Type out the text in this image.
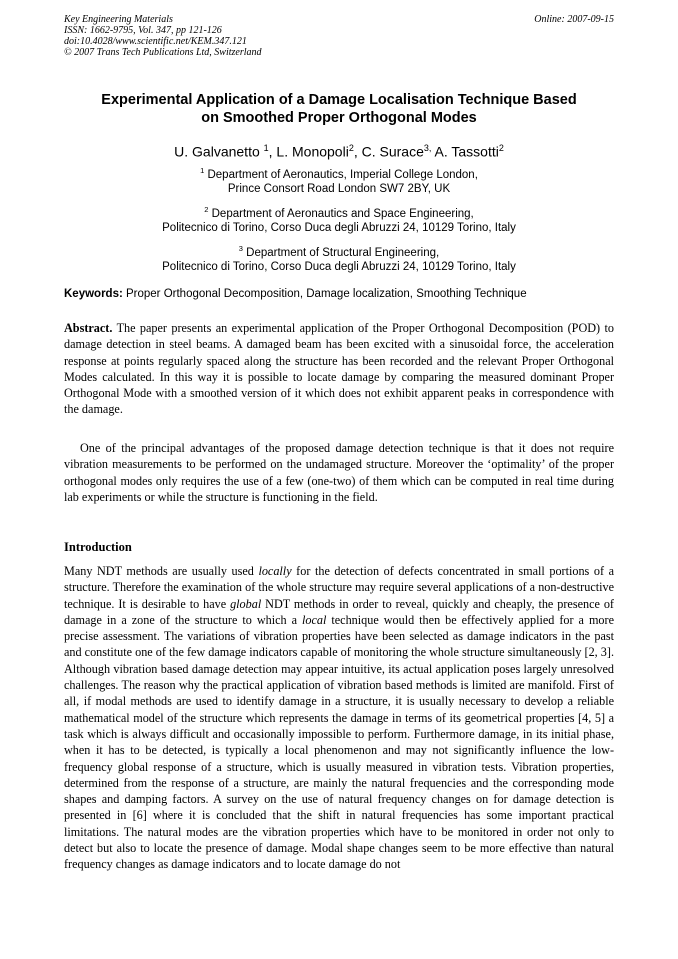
Key Engineering Materials
ISSN: 1662-9795, Vol. 347, pp 121-126
doi:10.4028/www.scientific.net/KEM.347.121
© 2007 Trans Tech Publications Ltd, Switzerland
Online: 2007-09-15
Experimental Application of a Damage Localisation Technique Based
on Smoothed Proper Orthogonal Modes
U. Galvanetto $^1$, L. Monopoli$^2$, C. Surace$^{3,}$ A. Tassotti$^2$
$^1$ Department of Aeronautics, Imperial College London,
Prince Consort Road London SW7 2BY, UK
$^2$ Department of Aeronautics and Space Engineering,
Politecnico di Torino, Corso Duca degli Abruzzi 24, 10129 Torino, Italy
$^3$ Department of Structural Engineering,
Politecnico di Torino, Corso Duca degli Abruzzi 24, 10129 Torino, Italy
Keywords: Proper Orthogonal Decomposition, Damage localization, Smoothing Technique
Abstract. The paper presents an experimental application of the Proper Orthogonal Decomposition (POD) to damage detection in steel beams. A damaged beam has been excited with a sinusoidal force, the acceleration response at points regularly spaced along the structure has been recorded and the relevant Proper Orthogonal Modes calculated. In this way it is possible to locate damage by comparing the measured dominant Proper Orthogonal Mode with a smoothed version of it which does not exhibit apparent peaks in correspondence with the damage.
One of the principal advantages of the proposed damage detection technique is that it does not require vibration measurements to be performed on the undamaged structure. Moreover the ‘optimality’ of the proper orthogonal modes only requires the use of a few (one-two) of them which can be computed in real time during lab experiments or while the structure is functioning in the field.
Introduction
Many NDT methods are usually used locally for the detection of defects concentrated in small portions of a structure. Therefore the examination of the whole structure may require several applications of a non-destructive technique. It is desirable to have global NDT methods in order to reveal, quickly and cheaply, the presence of damage in a zone of the structure to which a local technique would then be effectively applied for a more precise assessment. The variations of vibration properties have been selected as damage indicators in the past and constitute one of the few damage indicators capable of monitoring the whole structure simultaneously [2, 3]. Although vibration based damage detection may appear intuitive, its actual application poses largely unresolved challenges. The reason why the practical application of vibration based methods is limited are manifold. First of all, if modal methods are used to identify damage in a structure, it is usually necessary to develop a reliable mathematical model of the structure which represents the damage in terms of its geometrical properties [4, 5] a task which is always difficult and occasionally impossible to perform. Furthermore damage, in its initial phase, when it has to be detected, is typically a local phenomenon and may not significantly influence the low-frequency global response of a structure, which is usually measured in vibration tests. Vibration properties, determined from the response of a structure, are mainly the natural frequencies and the corresponding mode shapes and damping factors. A survey on the use of natural frequency changes on for damage detection is presented in [6] where it is concluded that the shift in natural frequencies has some important practical limitations. The natural modes are the vibration properties which have to be monitored in order not only to detect but also to locate the presence of damage. Modal shape changes seem to be more effective than natural frequency changes as damage indicators and to locate damage do not
